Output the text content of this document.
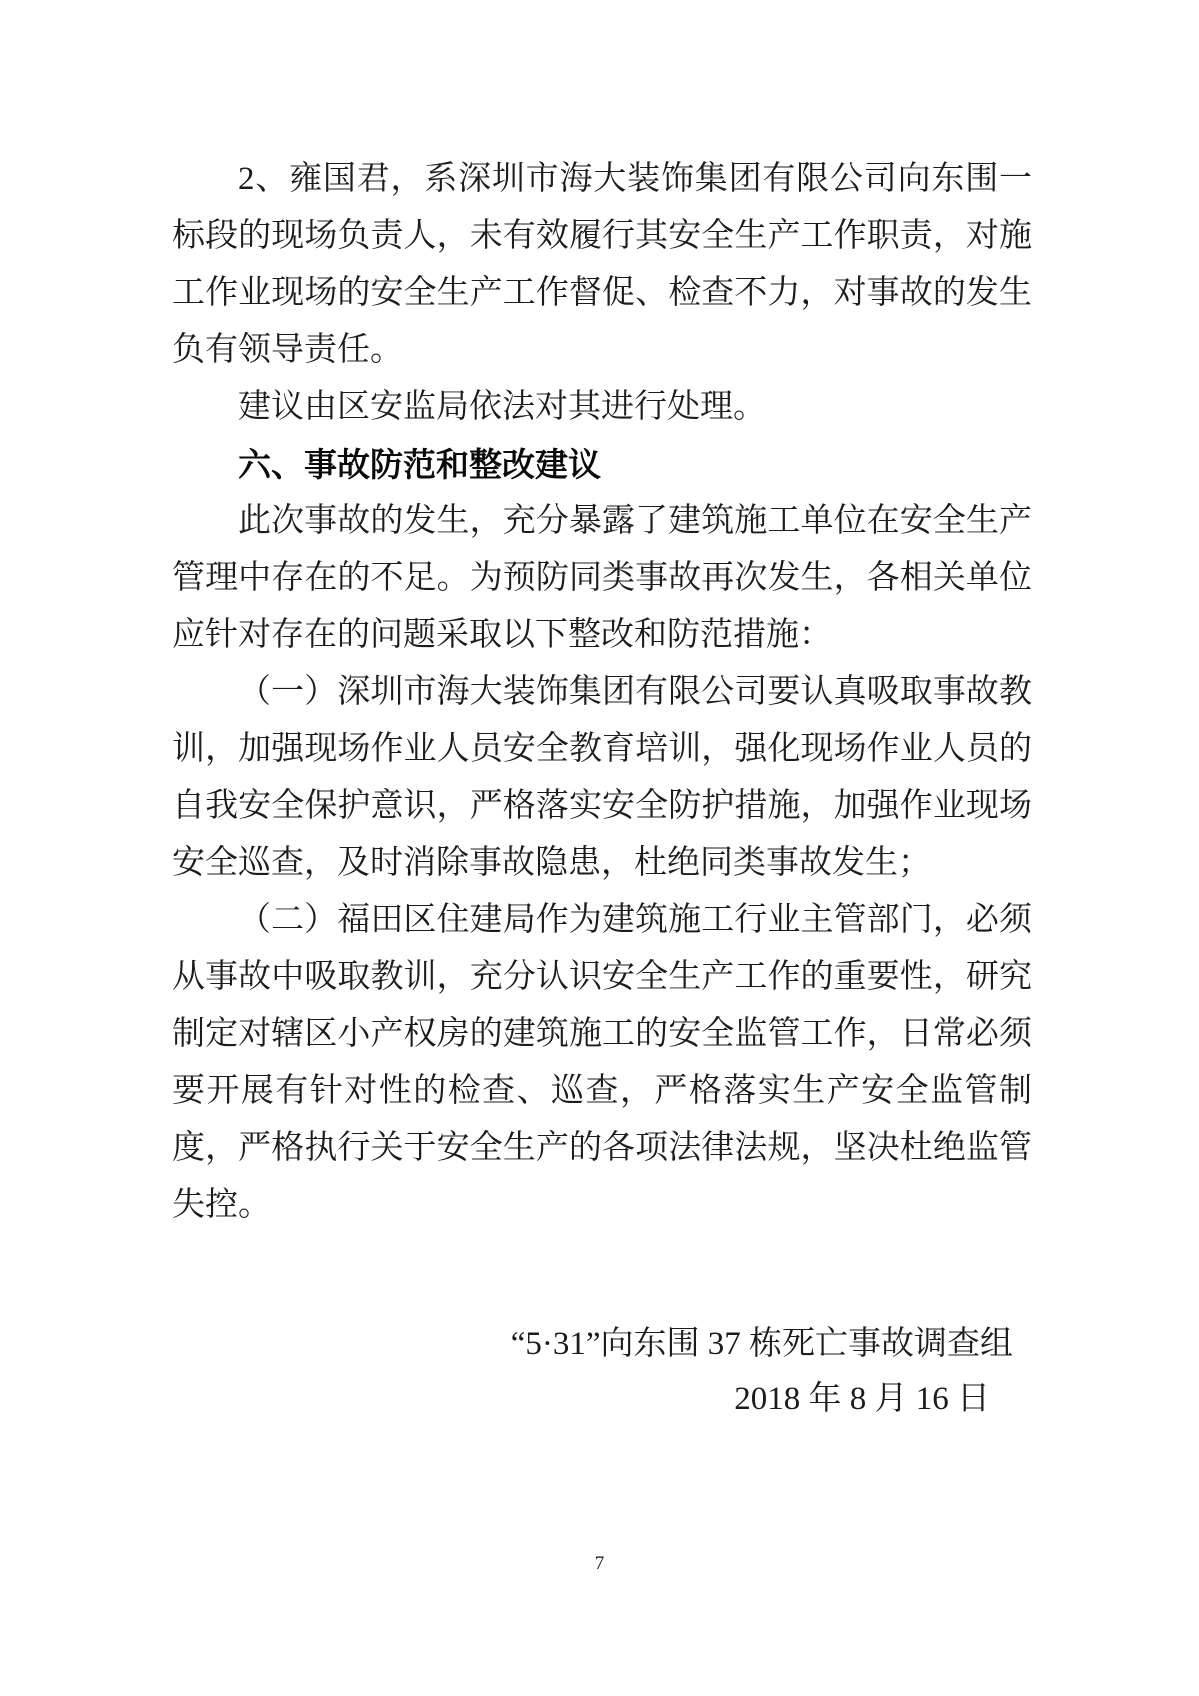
2、雍国君，系深圳市海大装饰集团有限公司向东围一标段的现场负责人，未有效履行其安全生产工作职责，对施工作业现场的安全生产工作督促、检查不力，对事故的发生负有领导责任。

建议由区安监局依法对其进行处理。

六、事故防范和整改建议

此次事故的发生，充分暴露了建筑施工单位在安全生产管理中存在的不足。为预防同类事故再次发生，各相关单位应针对存在的问题采取以下整改和防范措施：

（一）深圳市海大装饰集团有限公司要认真吸取事故教训，加强现场作业人员安全教育培训，强化现场作业人员的自我安全保护意识，严格落实安全防护措施，加强作业现场安全巡查，及时消除事故隐患，杜绝同类事故发生；

（二）福田区住建局作为建筑施工行业主管部门，必须从事故中吸取教训，充分认识安全生产工作的重要性，研究制定对辖区小产权房的建筑施工的安全监管工作，日常必须要开展有针对性的检查、巡查，严格落实生产安全监管制度，严格执行关于安全生产的各项法律法规，坚决杜绝监管失控。

“5·31”向东围 37 栋死亡事故调查组
2018 年 8 月 16 日
7
